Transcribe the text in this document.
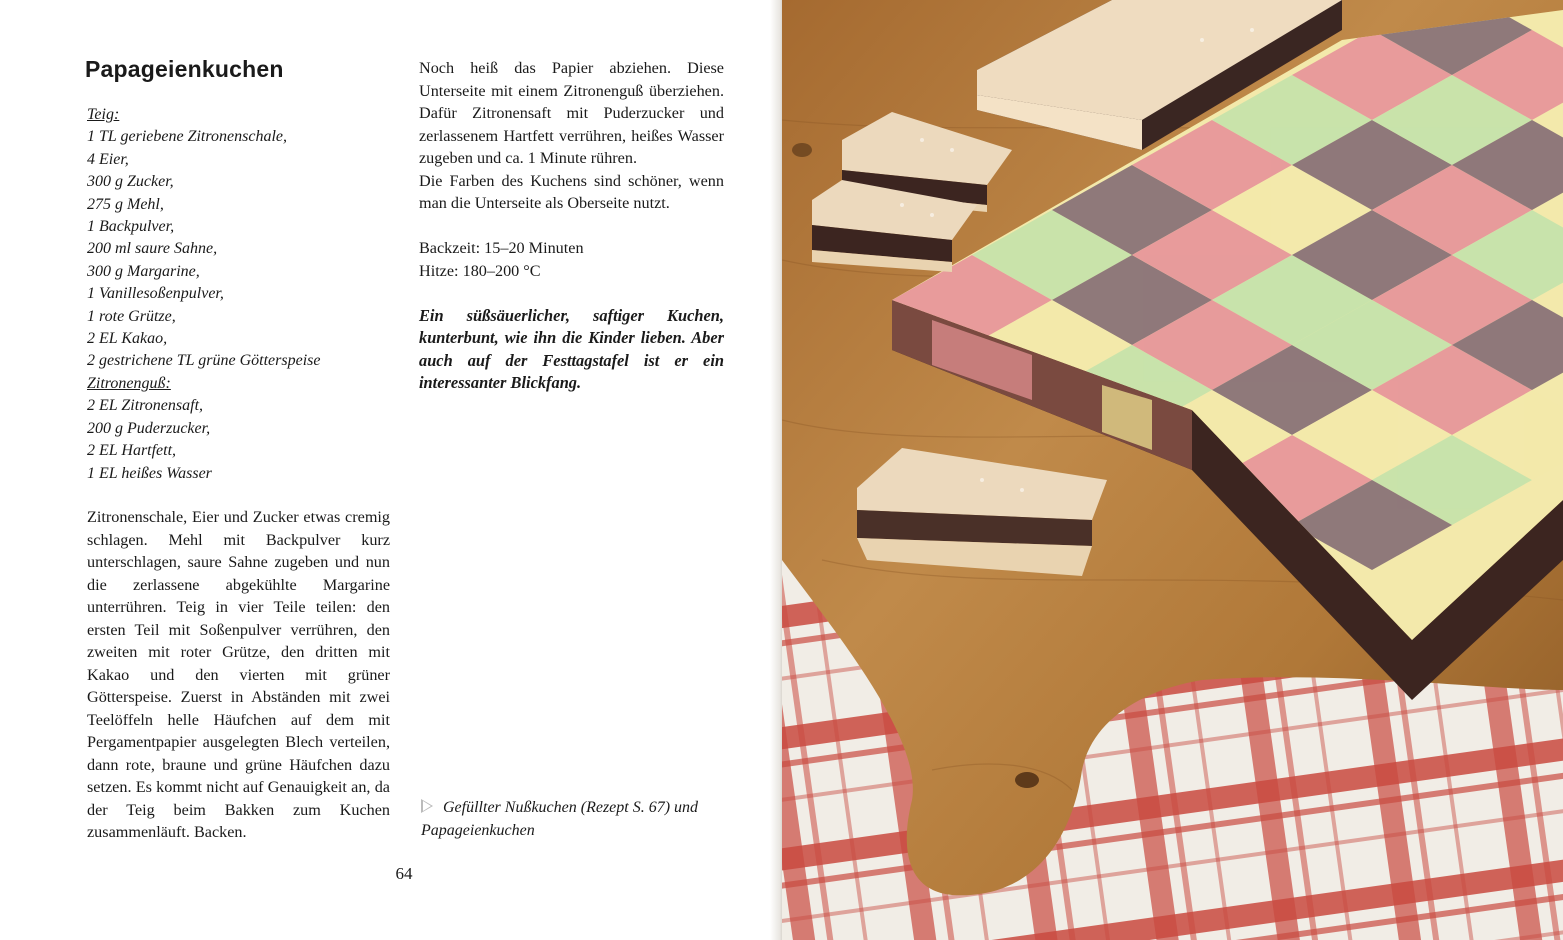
Papageienkuchen
Teig:
1 TL geriebene Zitronenschale,
4 Eier,
300 g Zucker,
275 g Mehl,
1 Backpulver,
200 ml saure Sahne,
300 g Margarine,
1 Vanillesoßenpulver,
1 rote Grütze,
2 EL Kakao,
2 gestrichene TL grüne Götterspeise
Zitronenguß:
2 EL Zitronensaft,
200 g Puderzucker,
2 EL Hartfett,
1 EL heißes Wasser
Zitronenschale, Eier und Zucker etwas cremig schlagen. Mehl mit Backpulver kurz unterschlagen, saure Sahne zugeben und nun die zerlassene abgekühlte Margarine unterrühren. Teig in vier Teile teilen: den ersten Teil mit Soßenpulver verrühren, den zweiten mit roter Grütze, den dritten mit Kakao und den vierten mit grüner Götterspeise. Zuerst in Abständen mit zwei Teelöffeln helle Häufchen auf dem mit Pergamentpapier ausgelegten Blech verteilen, dann rote, braune und grüne Häufchen dazu setzen. Es kommt nicht auf Genauigkeit an, da der Teig beim Bakken zum Kuchen zusammenläuft. Backen.
Noch heiß das Papier abziehen. Diese Unterseite mit einem Zitronenguß überziehen. Dafür Zitronensaft mit Puderzucker und zerlassenem Hartfett verrühren, heißes Wasser zugeben und ca. 1 Minute rühren.
Die Farben des Kuchens sind schöner, wenn man die Unterseite als Oberseite nutzt.
Backzeit: 15–20 Minuten
Hitze: 180–200 °C
Ein süßsäuerlicher, saftiger Kuchen, kunterbunt, wie ihn die Kinder lieben. Aber auch auf der Festtagstafel ist er ein interessanter Blickfang.
Gefüllter Nußkuchen (Rezept S. 67) und Papageienkuchen
64
